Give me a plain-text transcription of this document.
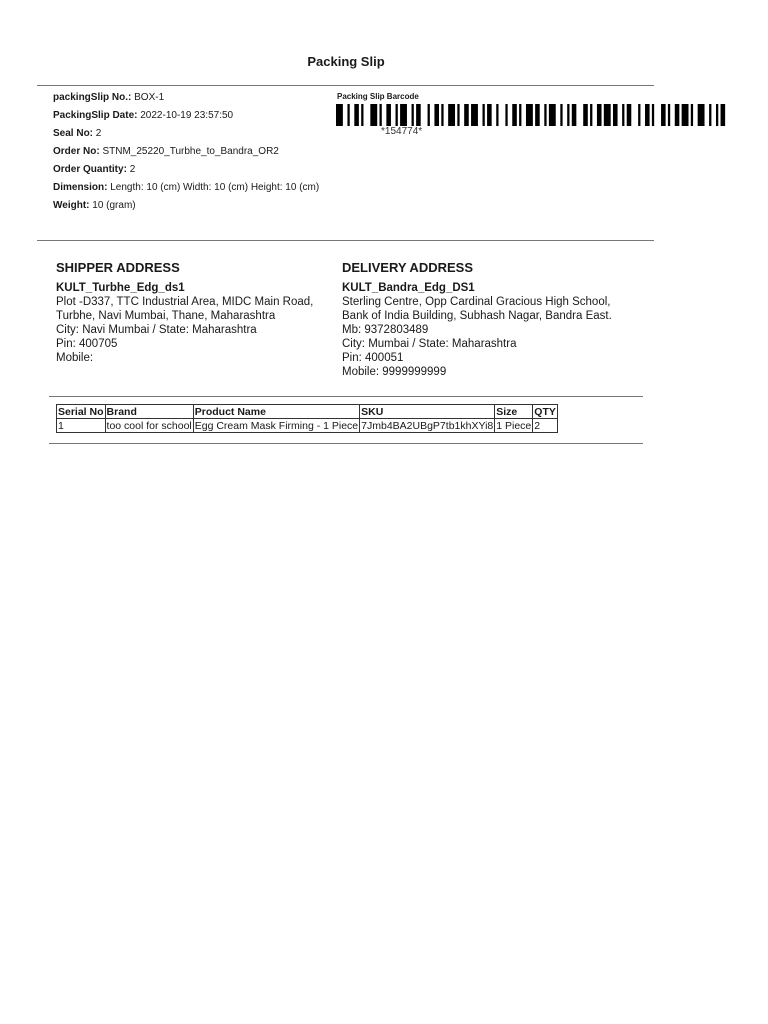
Packing Slip
packingSlip No.: BOX-1
PackingSlip Date: 2022-10-19 23:57:50
Seal No: 2
Order No: STNM_25220_Turbhe_to_Bandra_OR2
Order Quantity: 2
Dimension: Length: 10 (cm) Width: 10 (cm) Height: 10 (cm)
Weight: 10 (gram)
Packing Slip Barcode
*154774*
SHIPPER ADDRESS

KULT_Turbhe_Edg_ds1

Plot -D337, TTC Industrial Area, MIDC Main Road, Turbhe, Navi Mumbai, Thane, Maharashtra

City: Navi Mumbai / State: Maharashtra

Pin: 400705

Mobile:

DELIVERY ADDRESS

KULT_Bandra_Edg_DS1

Sterling Centre, Opp Cardinal Gracious High School, Bank of India Building, Subhash Nagar, Bandra East. Mb: 9372803489

City: Mumbai / State: Maharashtra

Pin: 400051

Mobile: 9999999999

Serial No	Brand	Product Name	SKU	Size	QTY
1	too cool for school	Egg Cream Mask Firming - 1 Piece	7Jmb4BA2UBgP7tb1khXYi8	1 Piece	2
